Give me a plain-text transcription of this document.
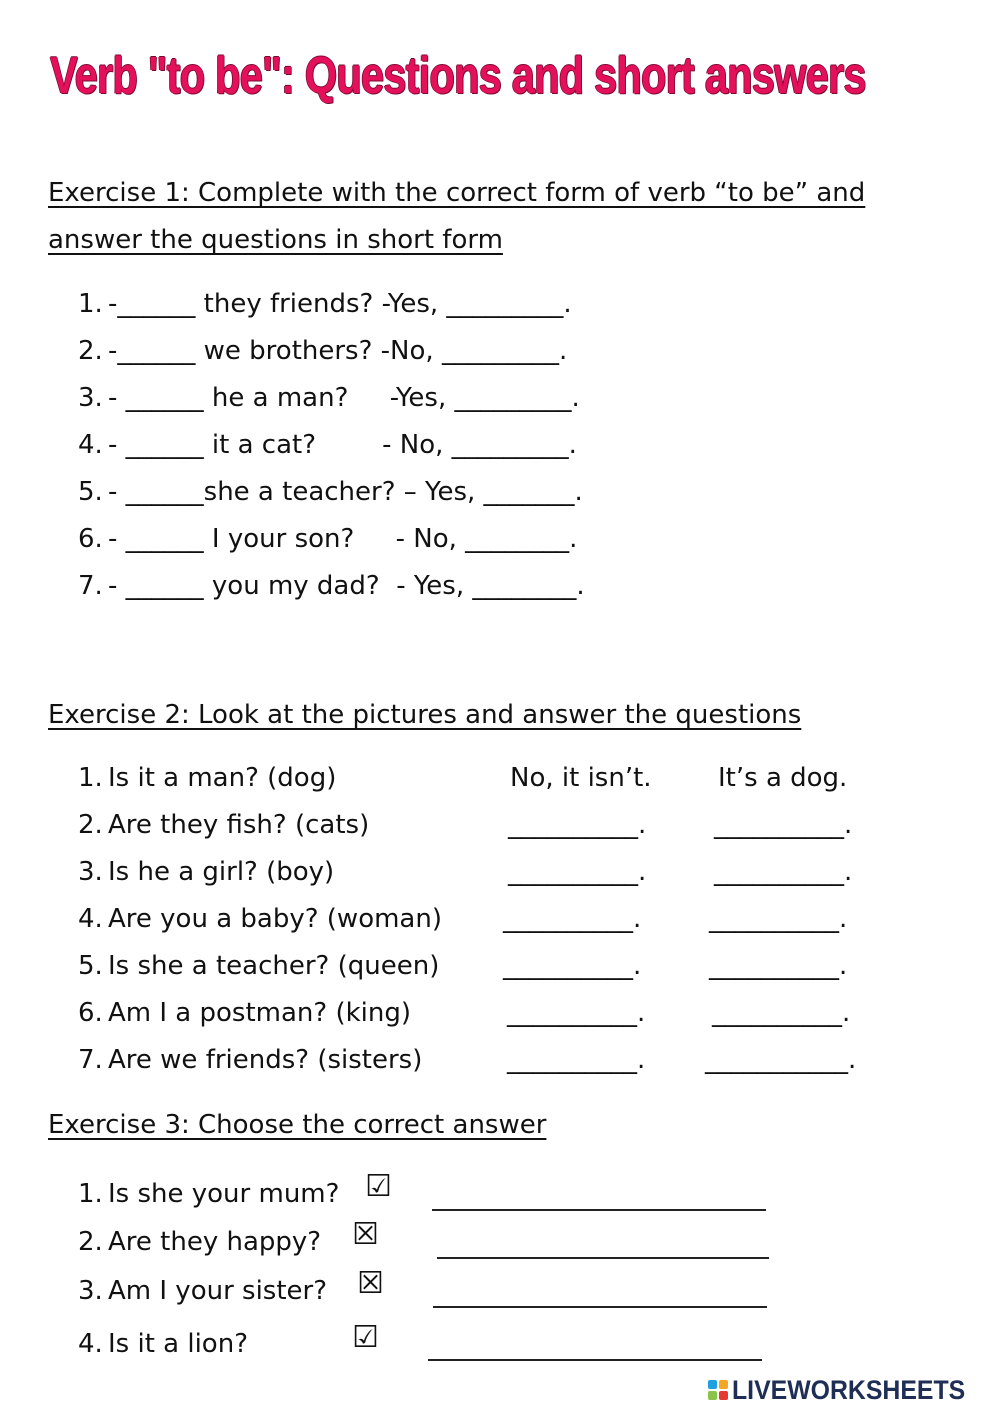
Verb "to be": Questions and short answers
Exercise 1: Complete with the correct form of verb “to be” and
answer the questions in short form
1. -______ they friends? -Yes, _________.
2. -______ we brothers? -No, _________.
3. - ______ he a man?     -Yes, _________.
4. - ______ it a cat?        - No, _________.
5. - ______she a teacher? – Yes, _______.
6. - ______ I your son?     - No, ________.
7. - ______ you my dad?  - Yes, ________.
Exercise 2: Look at the pictures and answer the questions
1. Is it a man? (dog)	No, it isn’t.	It’s a dog.
2. Are they fish? (cats)	__________.	__________.
3. Is he a girl? (boy)	__________.	__________.
4. Are you a baby? (woman) __________.	__________.
5. Is she a teacher? (queen) __________.	__________.
6. Am I a postman? (king)	__________.	__________.
7. Are we friends? (sisters)	__________. ___________.
Exercise 3: Choose the correct answer
1. Is she your mum? ☑
2. Are they happy? ☒
3. Am I your sister? ☒
4. Is it a lion?	☑
LIVEWORKSHEETS
